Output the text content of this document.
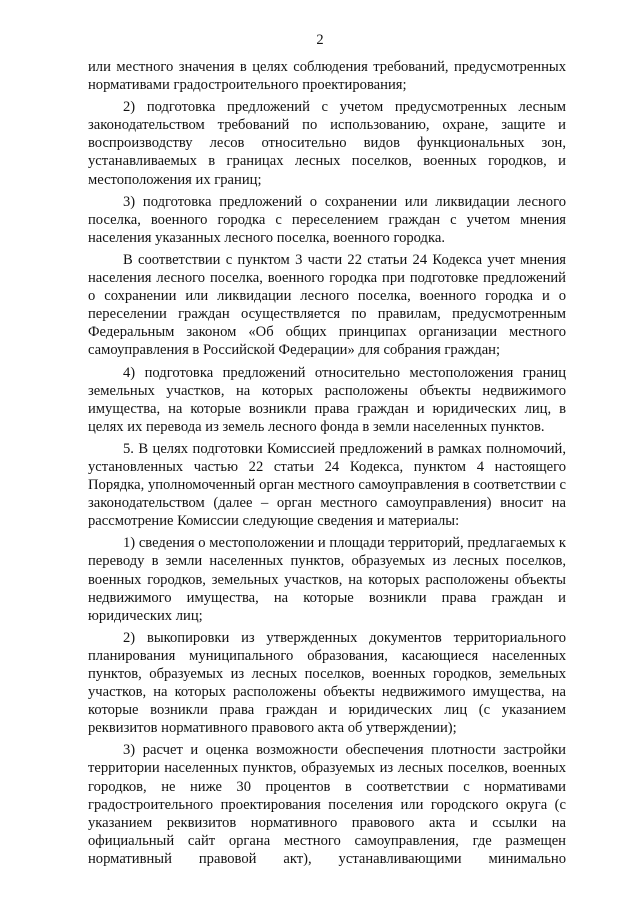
2

или местного значения в целях соблюдения требований, предусмотренных нормативами градостроительного проектирования;

2) подготовка предложений с учетом предусмотренных лесным законодательством требований по использованию, охране, защите и воспроизводству лесов относительно видов функциональных зон, устанавливаемых в границах лесных поселков, военных городков, и местоположения их границ;

3) подготовка предложений о сохранении или ликвидации лесного поселка, военного городка с переселением граждан с учетом мнения населения указанных лесного поселка, военного городка.

В соответствии с пунктом 3 части 22 статьи 24 Кодекса учет мнения населения лесного поселка, военного городка при подготовке предложений о сохранении или ликвидации лесного поселка, военного городка и о переселении граждан осуществляется по правилам, предусмотренным Федеральным законом «Об общих принципах организации местного самоуправления в Российской Федерации» для собрания граждан;

4) подготовка предложений относительно местоположения границ земельных участков, на которых расположены объекты недвижимого имущества, на которые возникли права граждан и юридических лиц, в целях их перевода из земель лесного фонда в земли населенных пунктов.

5. В целях подготовки Комиссией предложений в рамках полномочий, установленных частью 22 статьи 24 Кодекса, пунктом 4 настоящего Порядка, уполномоченный орган местного самоуправления в соответствии с законодательством (далее – орган местного самоуправления) вносит на рассмотрение Комиссии следующие сведения и материалы:

1) сведения о местоположении и площади территорий, предлагаемых к переводу в земли населенных пунктов, образуемых из лесных поселков, военных городков, земельных участков, на которых расположены объекты недвижимого имущества, на которые возникли права граждан и юридических лиц;

2) выкопировки из утвержденных документов территориального планирования муниципального образования, касающиеся населенных пунктов, образуемых из лесных поселков, военных городков, земельных участков, на которых расположены объекты недвижимого имущества, на которые возникли права граждан и юридических лиц (с указанием реквизитов нормативного правового акта об утверждении);

3) расчет и оценка возможности обеспечения плотности застройки территории населенных пунктов, образуемых из лесных поселков, военных городков, не ниже 30 процентов в соответствии с нормативами градостроительного проектирования поселения или городского округа (с указанием реквизитов нормативного правового акта и ссылки на официальный сайт органа местного самоуправления, где размещен нормативный правовой акт), устанавливающими минимально
